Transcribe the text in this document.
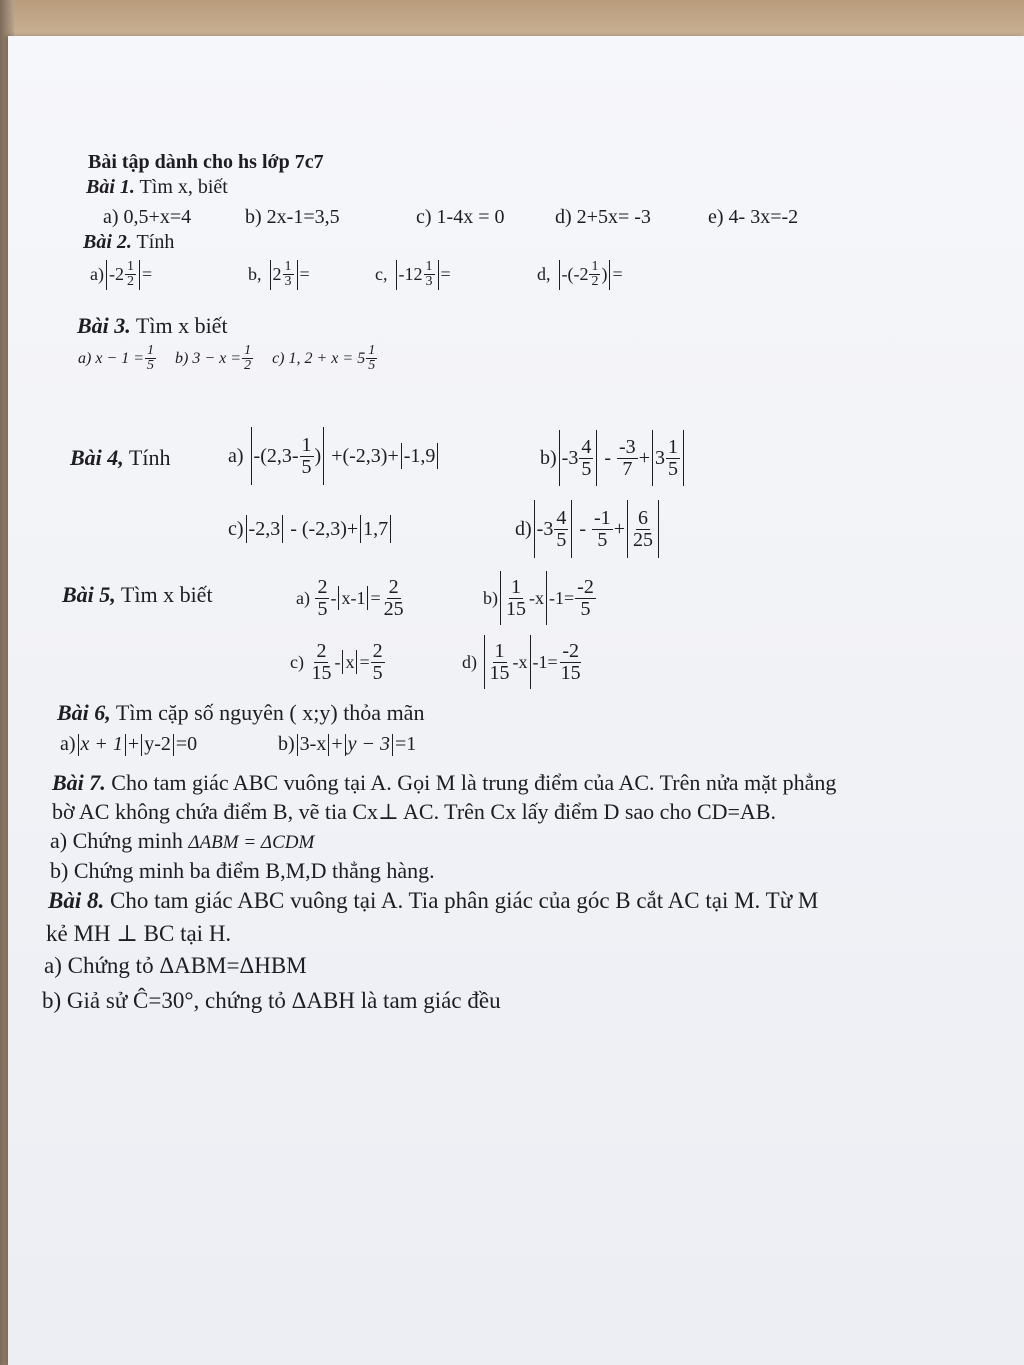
Bài tập dành cho hs lớp 7c7
Bài 1. Tìm x, biết
a) 0,5+x=4	b) 2x-1=3,5	c) 1-4x = 0	d) 2+5x= -3	e) 4- 3x=-2
Bài 2. Tính
a) $-2 \frac{1}{2}$ =	b, $2 \frac{1}{3}$ =	c, $-12 \frac{1}{3}$ =	d, $-(-2 \frac{1}{2}$ ) =
Bài 3. Tìm x biết
a)
$x - 1 = \frac{1}{5} b$)
$3 - x = \frac{1}{2} c$)
1, $2 + x = 5 \frac{1}{5}$
Bài 4, Tính	a)
$-(2,3- \frac{1}{5}$ )
+(-2,3)+ -1,9	b) $-3 \frac{4}{5}$
-
$\frac{-3}{7} + 3 \frac{1}{5}$
c) -2,3
- (-2,3)+ 1,7	d) $-3 \frac{4}{5}$
-
$\frac{-1}{5} + \frac{6}{25}$
Bài 5, Tìm x biết	a)
$\frac{2}{5} - x-1 = \frac{2}{25}$	$b) \frac{1}{15} -x$ $-1= \frac{-2}{5}$
c)
$\frac{2}{15} - x = \frac{2}{5}$	d)
$\frac{1}{15} -x$ $-1= \frac{-2}{15}$
Bài 6, Tìm cặp số nguyên ( x;y) thỏa mãn
a) x + 1 + y-2 =0	b) 3-x + y − 3 =1
Bài 7. Cho tam giác ABC vuông tại A. Gọi M là trung điểm của AC. Trên nửa mặt phẳng
bờ AC không chứa điểm B, vẽ tia Cx⊥ AC. Trên Cx lấy điểm D sao cho CD=AB.
a) Chứng minh ΔABM = ΔCDM
b) Chứng minh ba điểm B,M,D thẳng hàng.
Bài 8. Cho tam giác ABC vuông tại A. Tia phân giác của góc B cắt AC tại M. Từ M
kẻ MH ⊥ BC tại H.
a) Chứng tỏ ΔABM=ΔHBM
b) Giả sử Ĉ=30°, chứng tỏ ΔABH là tam giác đều
